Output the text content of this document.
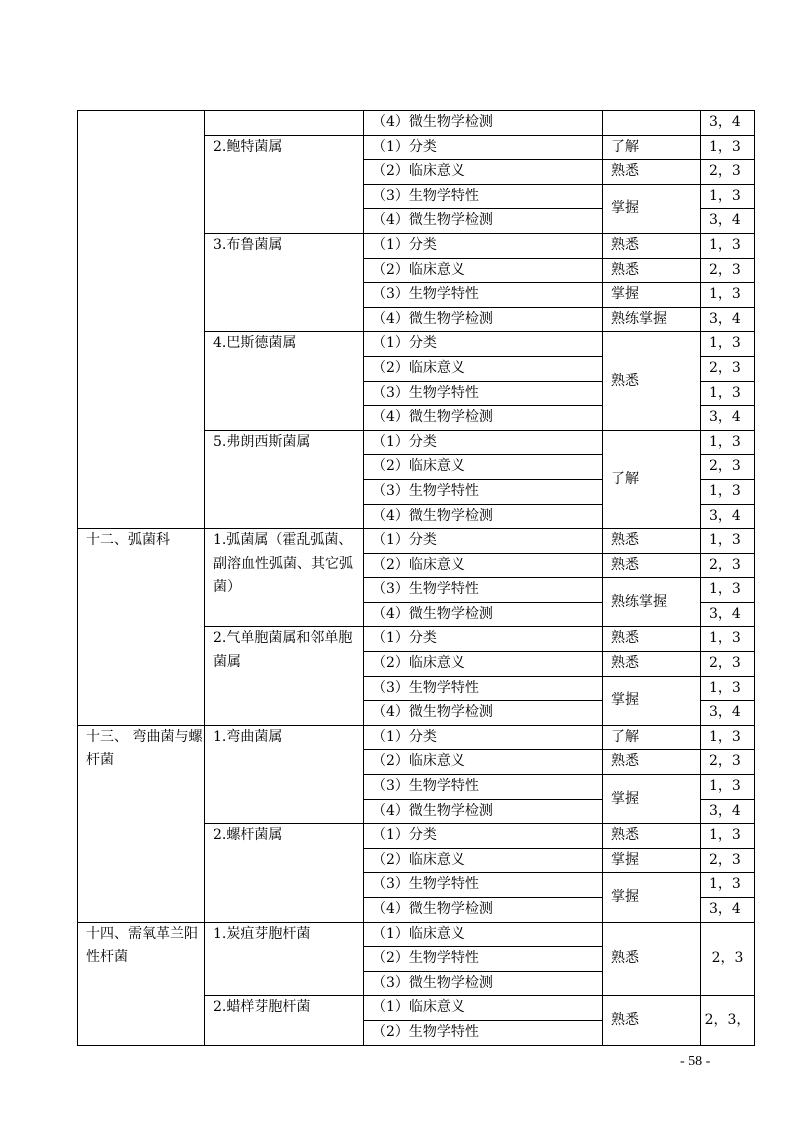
		（4）微生物学检测		3，4
	2.鲍特菌属	（1）分类	了解	1，3
		（2）临床意义	熟悉	2，3
		（3）生物学特性	掌握	1，3
		（4）微生物学检测		3，4
	3.布鲁菌属	（1）分类	熟悉	1，3
		（2）临床意义	熟悉	2，3
		（3）生物学特性	掌握	1，3
		（4）微生物学检测	熟练掌握	3，4
	4.巴斯德菌属	（1）分类	熟悉	1，3
		（2）临床意义		2，3
		（3）生物学特性		1，3
		（4）微生物学检测		3，4
	5.弗朗西斯菌属	（1）分类	了解	1，3
		（2）临床意义		2，3
		（3）生物学特性		1，3
		（4）微生物学检测		3，4
十二、弧菌科	1.弧菌属（霍乱弧菌、副溶血性弧菌、其它弧菌）	（1）分类	熟悉	1，3
		（2）临床意义	熟悉	2，3
		（3）生物学特性	熟练掌握	1，3
		（4）微生物学检测		3，4
	2.气单胞菌属和邻单胞菌属	（1）分类	熟悉	1，3
		（2）临床意义	熟悉	2，3
		（3）生物学特性	掌握	1，3
		（4）微生物学检测		3，4
十三、 弯曲菌与螺杆菌	1.弯曲菌属	（1）分类	了解	1，3
		（2）临床意义	熟悉	2，3
		（3）生物学特性	掌握	1，3
		（4）微生物学检测		3，4
	2.螺杆菌属	（1）分类	熟悉	1，3
		（2）临床意义	掌握	2，3
		（3）生物学特性	掌握	1，3
		（4）微生物学检测		3，4
十四、需氧革兰阳性杆菌	1.炭疽芽胞杆菌	（1）临床意义	熟悉	2，3
		（2）生物学特性		
		（3）微生物学检测		
	2.蜡样芽胞杆菌	（1）临床意义	熟悉	2，3，
		（2）生物学特性		
- 58 -
